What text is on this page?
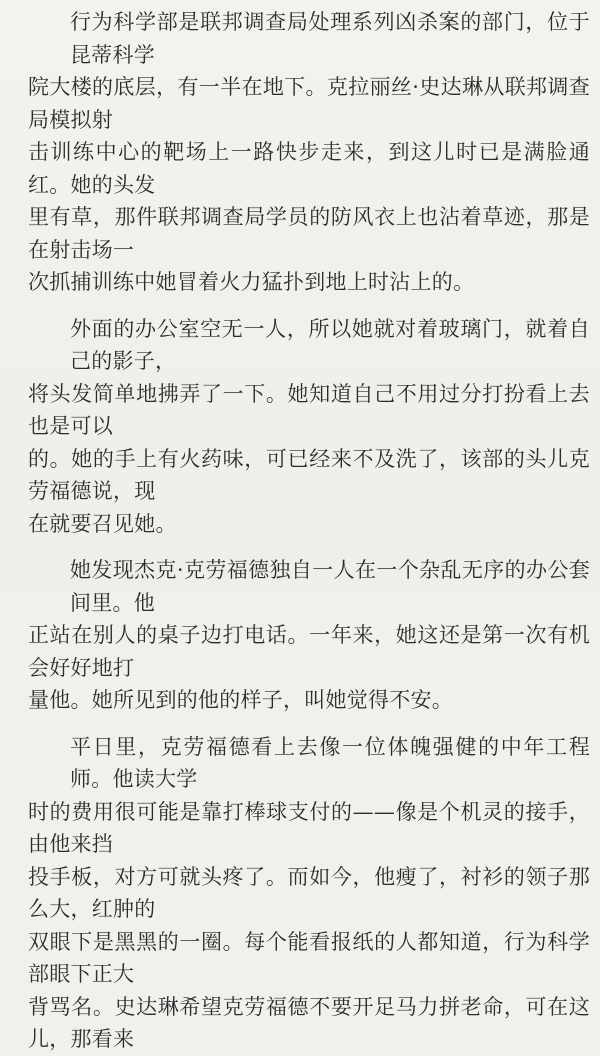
行为科学部是联邦调查局处理系列凶杀案的部门，位于昆蒂科学
院大楼的底层，有一半在地下。克拉丽丝·史达琳从联邦调查局模拟射
击训练中心的靶场上一路快步走来，到这儿时已是满脸通红。她的头发
里有草，那件联邦调查局学员的防风衣上也沾着草迹，那是在射击场一
次抓捕训练中她冒着火力猛扑到地上时沾上的。
外面的办公室空无一人，所以她就对着玻璃门，就着自己的影子，
将头发简单地拂弄了一下。她知道自己不用过分打扮看上去也是可以
的。她的手上有火药味，可已经来不及洗了，该部的头儿克劳福德说，现
在就要召见她。
她发现杰克·克劳福德独自一人在一个杂乱无序的办公套间里。他
正站在别人的桌子边打电话。一年来，她这还是第一次有机会好好地打
量他。她所见到的他的样子，叫她觉得不安。
平日里，克劳福德看上去像一位体魄强健的中年工程师。他读大学
时的费用很可能是靠打棒球支付的——像是个机灵的接手，由他来挡
投手板，对方可就头疼了。而如今，他瘦了，衬衫的领子那么大，红肿的
双眼下是黑黑的一圈。每个能看报纸的人都知道，行为科学部眼下正大
背骂名。史达琳希望克劳福德不要开足马力拼老命，可在这儿，那看来
